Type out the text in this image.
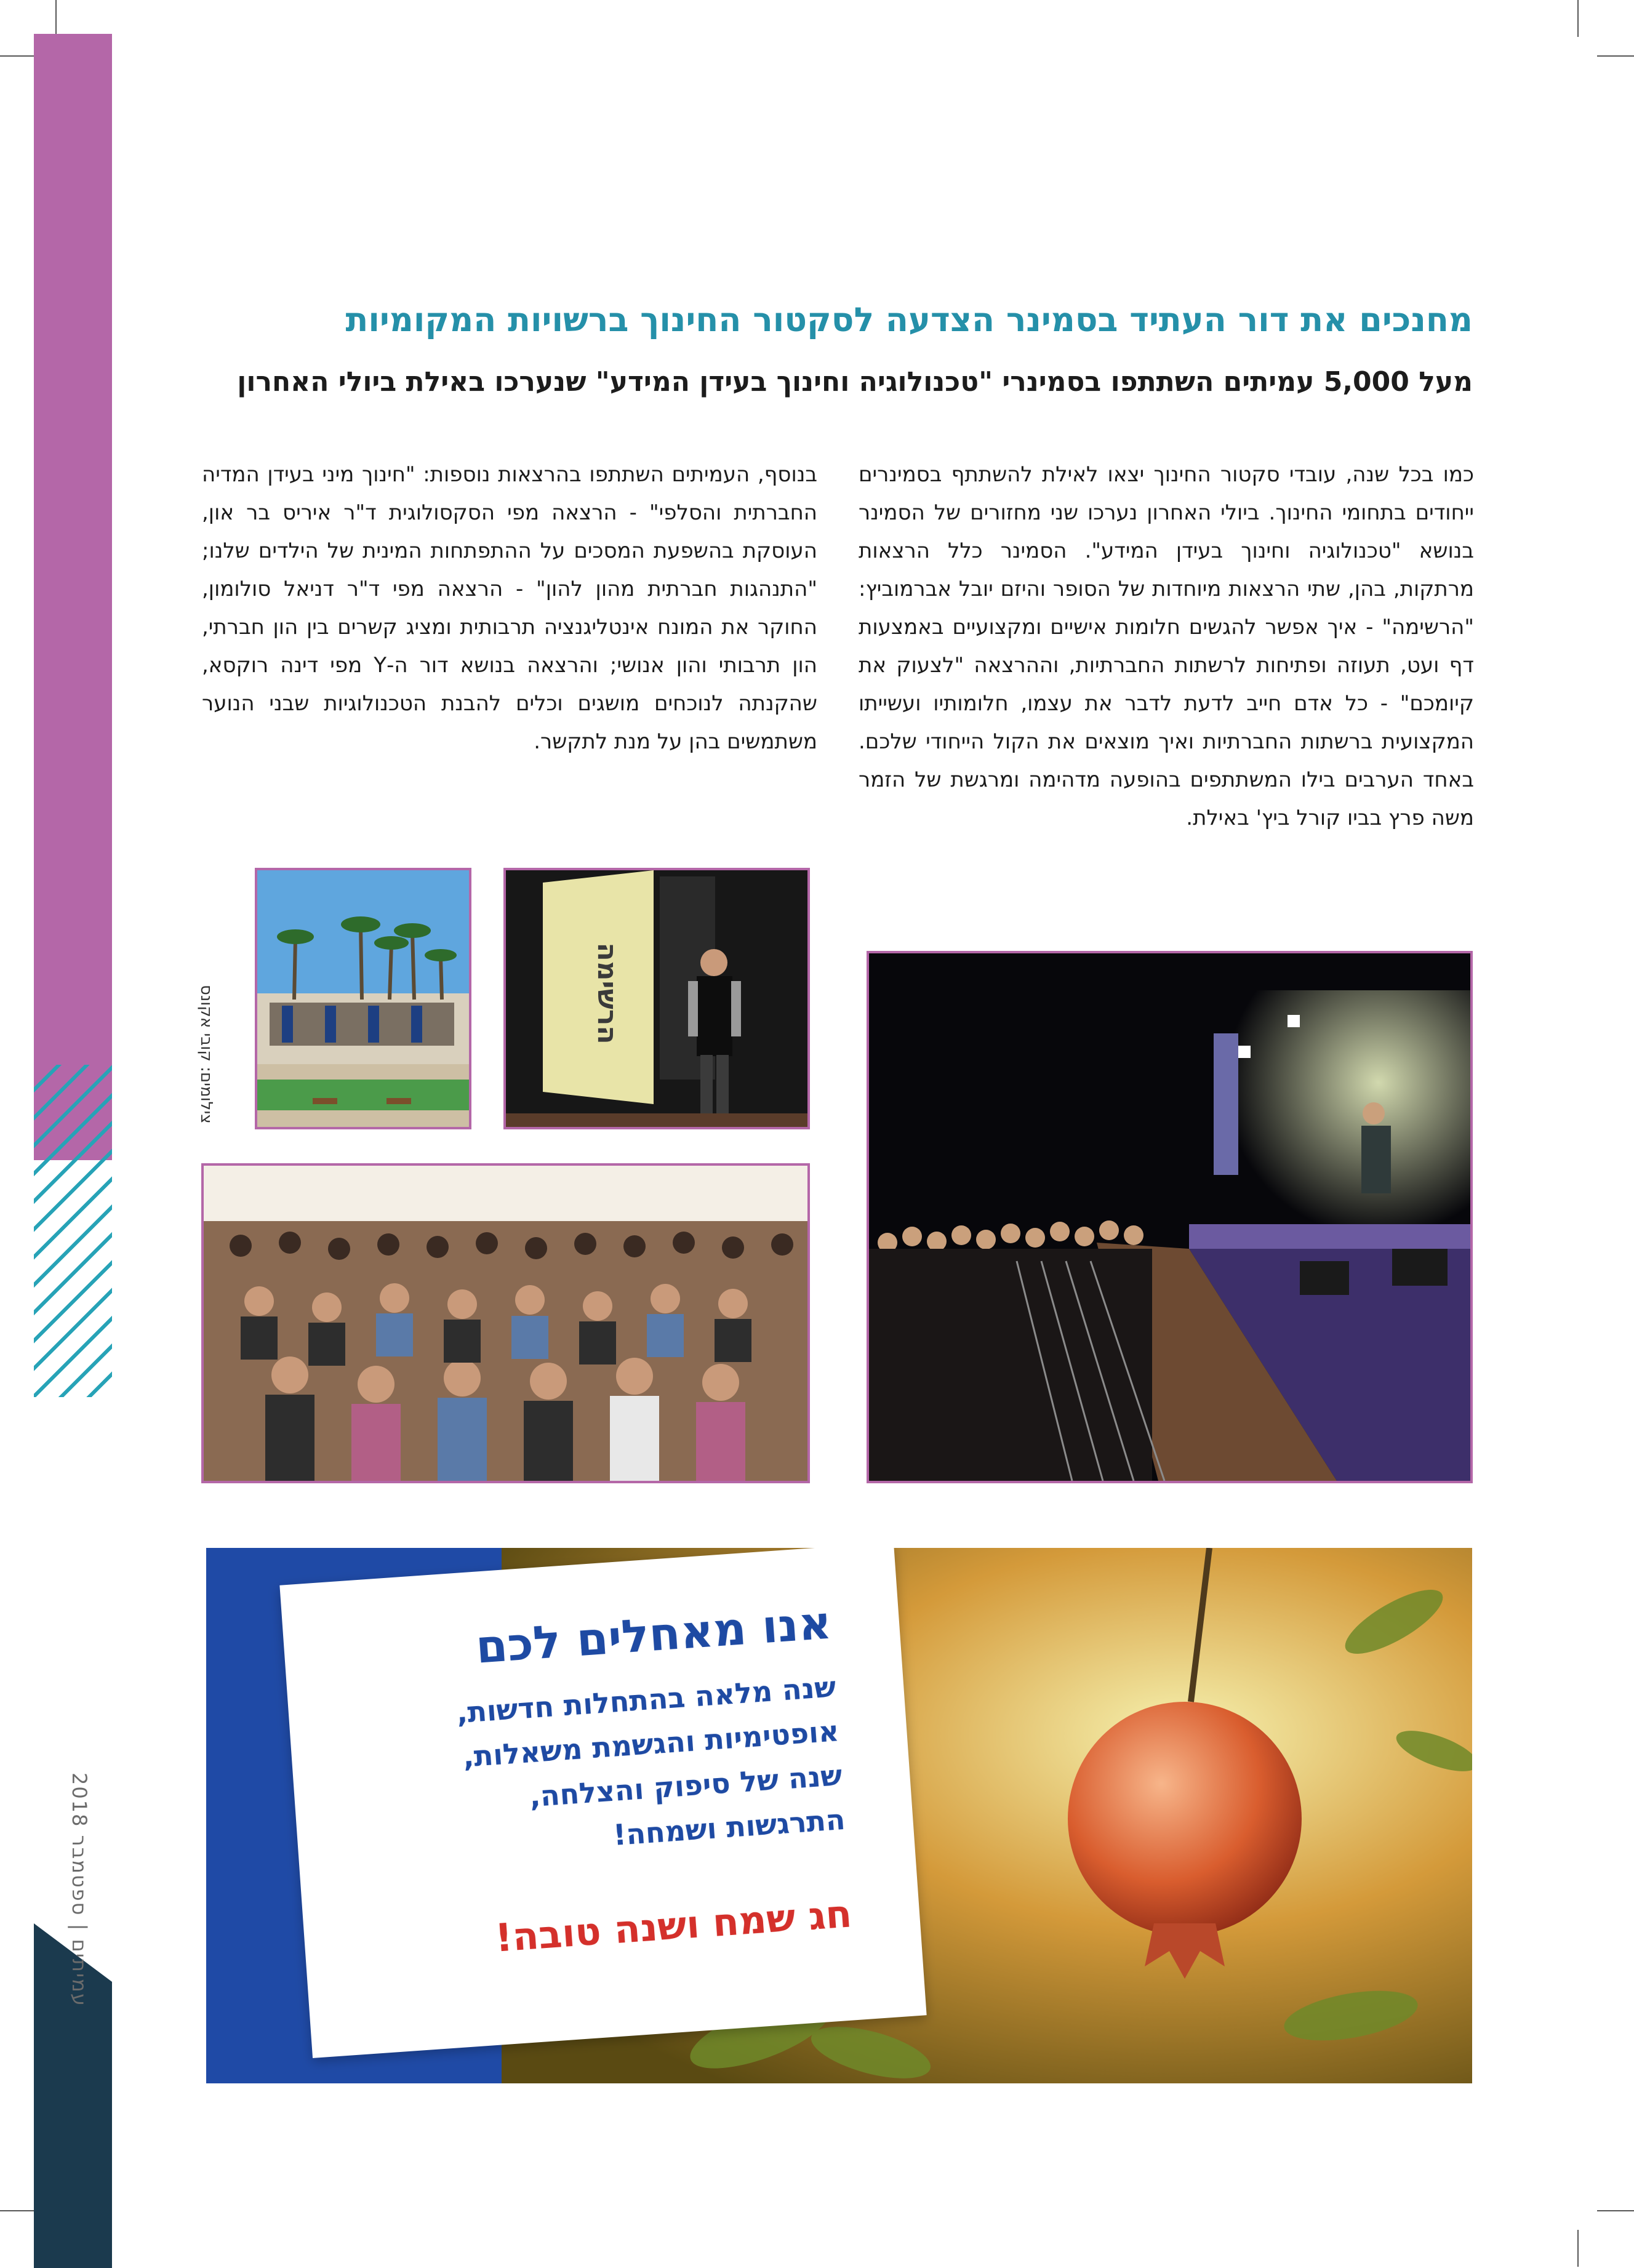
עמיתים | ספטמבר 2018
מחנכים את דור העתיד בסמינר הצדעה לסקטור החינוך ברשויות המקומיות
מעל 5,000 עמיתים השתתפו בסמינרי "טכנולוגיה וחינוך בעידן המידע" שנערכו באילת ביולי האחרון
כמו בכל שנה, עובדי סקטור החינוך יצאו לאילת להשתתף בסמינרים ייחודים בתחומי החינוך. ביולי האחרון נערכו שני מחזורים של הסמינר בנושא "טכנולוגיה וחינוך בעידן המידע". הסמינר כלל הרצאות מרתקות, בהן, שתי הרצאות מיוחדות של הסופר והיזם יובל אברמוביץ: "הרשימה" - איך אפשר להגשים חלומות אישיים ומקצועיים באמצעות דף ועט, תעוזה ופתיחות לרשתות החברתיות, וההרצאה "לצעוק את קיומכם" - כל אדם חייב לדעת לדבר את עצמו, חלומותיו ועשייתו המקצועית ברשתות החברתיות ואיך מוצאים את הקול הייחודי שלכם. באחד הערבים בילו המשתתפים בהופעה מדהימה ומרגשת של הזמר משה פרץ בביו קורל ביץ' באילת.
בנוסף, העמיתים השתתפו בהרצאות נוספות: "חינוך מיני בעידן המדיה החברתית והסלפי" - הרצאה מפי הסקסולוגית ד"ר איריס בר און, העוסקת בהשפעת המסכים על ההתפתחות המינית של הילדים שלנו; "התנהגות חברתית מהון להון" - הרצאה מפי ד"ר דניאל סולומון, החוקר את המונח אינטליגנציה תרבותית ומציג קשרים בין הון חברתי, הון תרבותי והון אנושי; והרצאה בנושא דור ה-Y מפי דינה רוקסא, שהקנתה לנוכחים מושגים וכלים להבנת הטכנולוגיות שבני הנוער משתמשים בהן על מנת לתקשר.
צילומים: קובי אקונס	הרשימה
אנו מאחלים לכם
שנה מלאה בהתחלות חדשות,
אופטימיות והגשמת משאלות,
שנה של סיפוק והצלחה,
התרגשות ושמחה!
חג שמח ושנה טובה!
